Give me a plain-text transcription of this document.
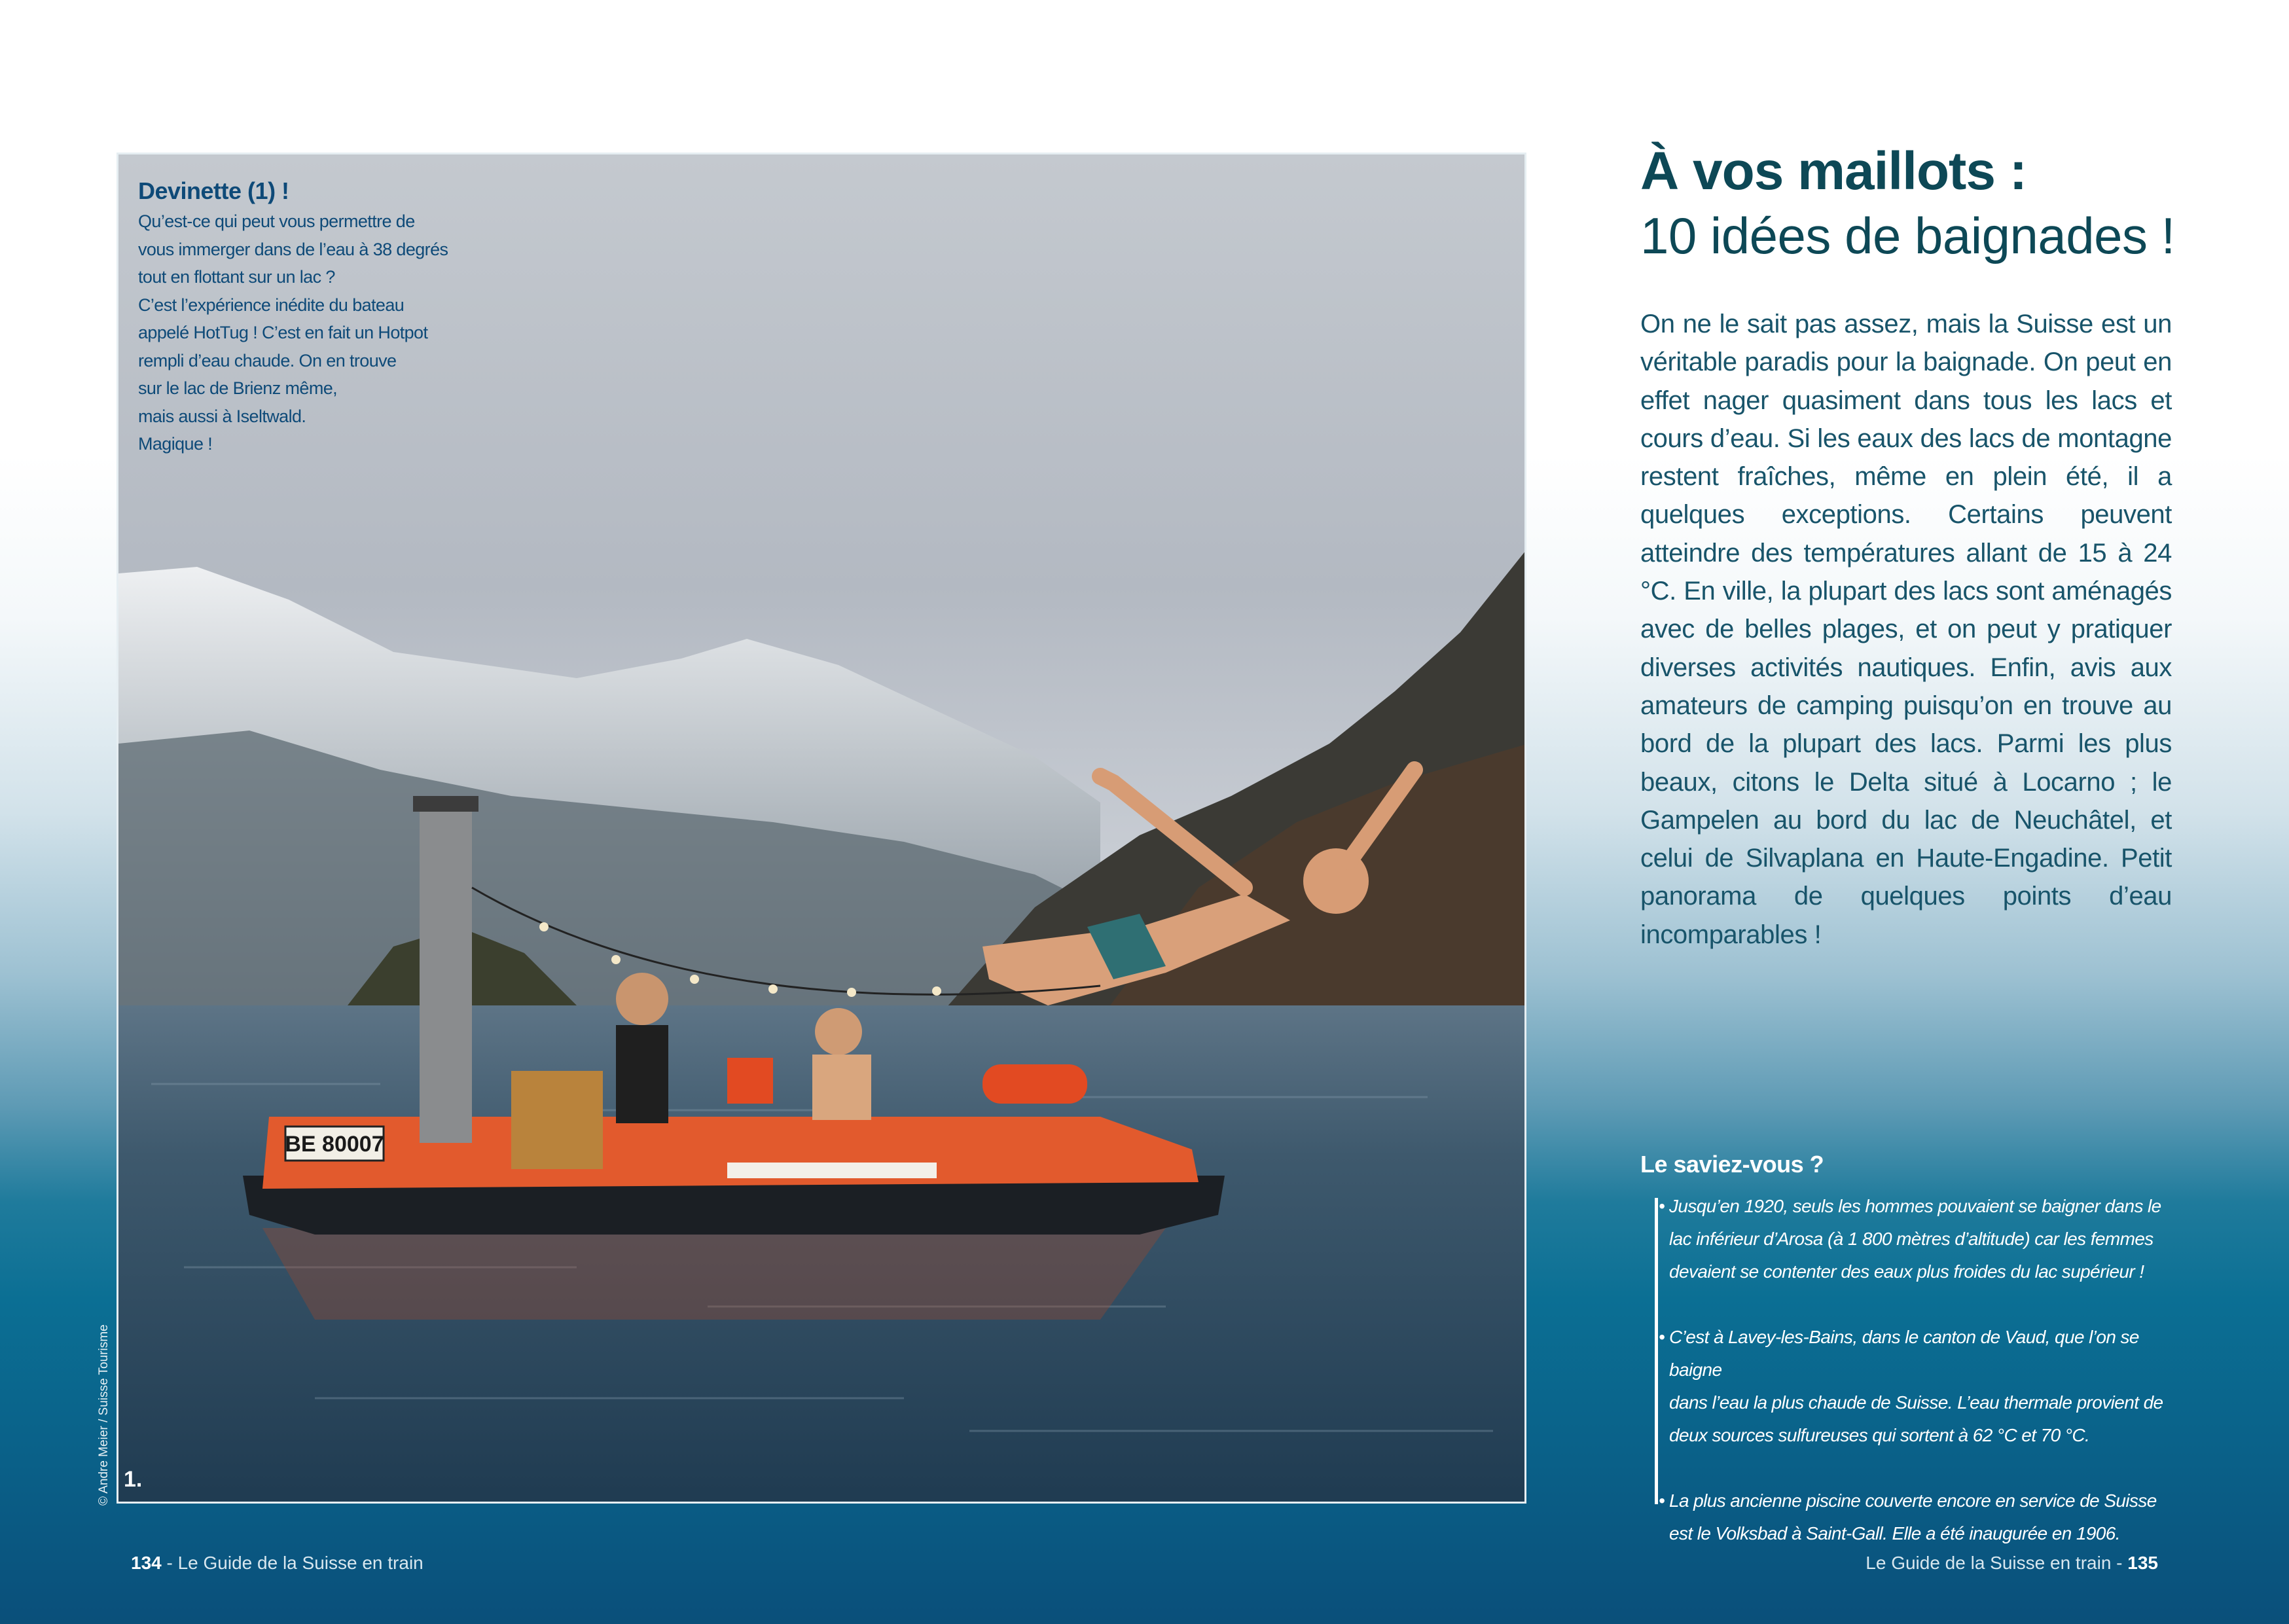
BE 80007
Devinette (1) !
Qu’est-ce qui peut vous permettre de
vous immerger dans de l’eau à 38 degrés
tout en flottant sur un lac ?
C’est l’expérience inédite du bateau
appelé HotTug ! C’est en fait un Hotpot
rempli d’eau chaude. On en trouve
sur le lac de Brienz même,
mais aussi à Iseltwald.
Magique !
1.
© Andre Meier / Suisse Tourisme
À vos maillots :
10 idées de baignades !
On ne le sait pas assez, mais la Suisse est un véritable paradis pour la baignade. On peut en effet nager quasiment dans tous les lacs et cours d’eau. Si les eaux des lacs de montagne restent fraîches, même en plein été, il a quelques exceptions. Certains peuvent atteindre des températures allant de 15 à 24 °C. En ville, la plupart des lacs sont aménagés avec de belles plages, et on peut y pratiquer diverses activités nautiques. Enfin, avis aux amateurs de camping puisqu’on en trouve au bord de la plupart des lacs. Parmi les plus beaux, citons le Delta situé à Locarno ; le Gampelen au bord du lac de Neuchâtel, et celui de Silvaplana en Haute-Engadine. Petit panorama de quelques points d’eau incomparables !
Le saviez-vous ?
• Jusqu’en 1920, seuls les hommes pouvaient se baigner dans le
lac inférieur d’Arosa (à 1 800 mètres d’altitude) car les femmes
devaient se contenter des eaux plus froides du lac supérieur !
• C’est à Lavey-les-Bains, dans le canton de Vaud, que l’on se baigne
dans l’eau la plus chaude de Suisse. L’eau thermale provient de
deux sources sulfureuses qui sortent à 62 °C et 70 °C.
• La plus ancienne piscine couverte encore en service de Suisse
est le Volksbad à Saint-Gall. Elle a été inaugurée en 1906.
134 - Le Guide de la Suisse en train	Le Guide de la Suisse en train - 135
